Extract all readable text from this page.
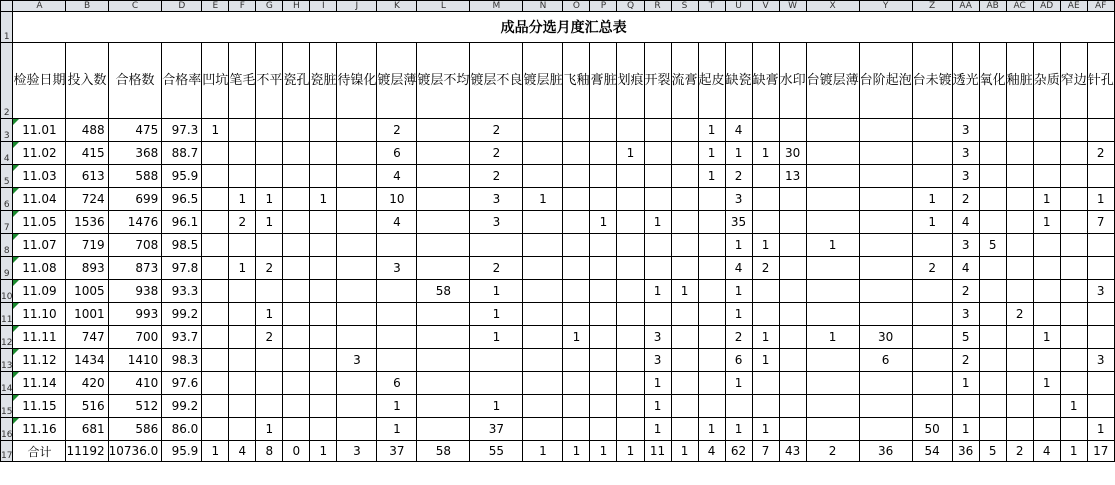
	A	B	C	D	E	F	G	H	I	J	K	L	M	N	O	P	Q	R	S	T	U	V	W	X	Y	Z	AA	AB	AC	AD	AE	AF
1	成品分选月度汇总表																															
2	检验日期	投入数	合格数	合格率	凹坑	笔毛	不平	瓷孔	瓷脏	待镍化	镀层薄	镀层不均	镀层不良	镀层脏	飞釉	膏脏	划痕	开裂	流膏	起皮	缺瓷	缺膏	水印	台镀层薄	台阶起泡	台未镀	透光	氧化	釉脏	杂质	窄边	针孔
3	11.01	488	475	97.3	1						2		2							1	4						3					
4	11.02	415	368	88.7							6		2				1			1	1	1	30				3					2
5	11.03	613	588	95.9							4		2							1	2		13				3					
6	11.04	724	699	96.5		1	1		1		10		3	1							3					1	2			1		1
7	11.05	1536	1476	96.1		2	1				4		3			1		1			35					1	4			1		7
8	11.07	719	708	98.5																	1	1		1			3	5				
9	11.08	893	873	97.8		1	2				3		2								4	2				2	4					
10	11.09	1005	938	93.3								58	1					1	1		1						2					3
11	11.10	1001	993	99.2			1						1								1						3		2			
12	11.11	747	700	93.7			2						1		1			3			2	1		1	30		5			1		
13	11.12	1434	1410	98.3						3								3			6	1			6		2					3
14	11.14	420	410	97.6							6							1			1						1			1		
15	11.15	516	512	99.2							1		1					1													1	
16	11.16	681	586	86.0			1				1		37					1		1	1	1				50	1					1
17	合计	11192	10736.0	95.9	1	4	8	0	1	3	37	58	55	1	1	1	1	11	1	4	62	7	43	2	36	54	36	5	2	4	1	17
